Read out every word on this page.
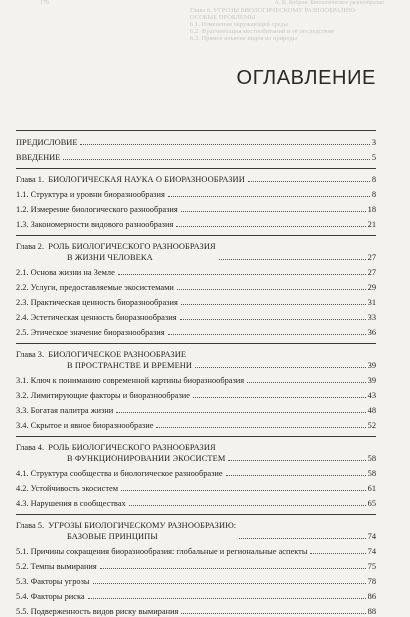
176	А. В. Бобров. Биологическое разнообразие
Глава 6. УГРОЗЫ БИОЛОГИЧЕСКОМУ РАЗНООБРАЗИЮ:
ОСОБЫЕ ПРОБЛЕМЫ
6.1. Изменения окружающей среды
6.2. Фрагментация местообитаний и её последствия
6.3. Прямое изъятие видов из природы
ОГЛАВЛЕНИЕ
ПРЕДИСЛОВИЕ	3
ВВЕДЕНИЕ	5
Глава 1. БИОЛОГИЧЕСКАЯ НАУКА О БИОРАЗНООБРАЗИИ	8
1.1. Структура и уровни биоразнообразия	8
1.2. Измерение биологического разнообразия	18
1.3. Закономерности видового разнообразия	21
Глава 2. РОЛЬ БИОЛОГИЧЕСКОГО РАЗНООБРАЗИЯ
В ЖИЗНИ ЧЕЛОВЕКА	27
2.1. Основа жизни на Земле	27
2.2. Услуги, предоставляемые экосистемами	29
2.3. Практическая ценность биоразнообразия	31
2.4. Эстетическая ценность биоразнообразия	33
2.5. Этическое значение биоразнообразия	36
Глава 3. БИОЛОГИЧЕСКОЕ РАЗНООБРАЗИЕ
В ПРОСТРАНСТВЕ И ВРЕМЕНИ	39
3.1. Ключ к пониманию современной картины биоразнообразия	39
3.2. Лимитирующие факторы и биоразнообразие	43
3.3. Богатая палитра жизни	48
3.4. Скрытое и явное биоразнообразие	52
Глава 4. РОЛЬ БИОЛОГИЧЕСКОГО РАЗНООБРАЗИЯ
В ФУНКЦИОНИРОВАНИИ ЭКОСИСТЕМ	58
4.1. Структура сообщества и биологическое разнообразие	58
4.2. Устойчивость экосистем	61
4.3. Нарушения в сообществах	65
Глава 5. УГРОЗЫ БИОЛОГИЧЕСКОМУ РАЗНООБРАЗИЮ:
БАЗОВЫЕ ПРИНЦИПЫ	74
5.1. Причины сокращения биоразнообразия: глобальные и региональные аспекты	74
5.2. Темпы вымирания	75
5.3. Факторы угрозы	78
5.4. Факторы риска	86
5.5. Подверженность видов риску вымирания	88
